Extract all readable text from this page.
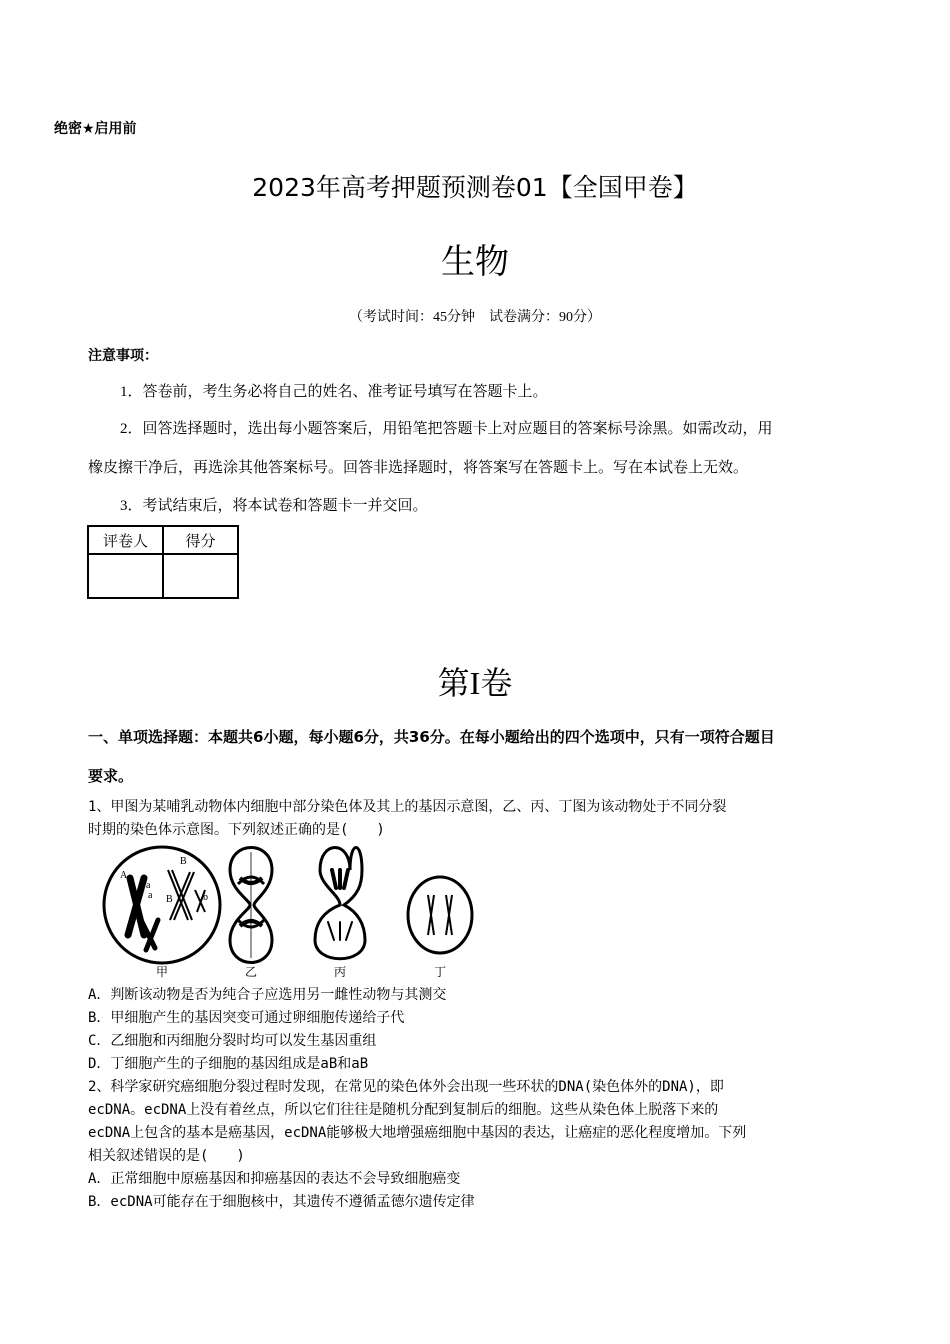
绝密★启用前
2023年高考押题预测卷01【全国甲卷】
生物
（考试时间：45分钟　试卷满分：90分）
注意事项：
1．答卷前，考生务必将自己的姓名、准考证号填写在答题卡上。
2．回答选择题时，选出每小题答案后，用铅笔把答题卡上对应题目的答案标号涂黑。如需改动，用
橡皮擦干净后，再选涂其他答案标号。回答非选择题时，将答案写在答题卡上。写在本试卷上无效。
3．考试结束后，将本试卷和答题卡一并交回。
评卷人	得分

第I卷
一、单项选择题：本题共6小题，每小题6分，共36分。在每小题给出的四个选项中，只有一项符合题目
要求。
1、甲图为某哺乳动物体内细胞中部分染色体及其上的基因示意图，乙、丙、丁图为该动物处于不同分裂
时期的染色体示意图。下列叙述正确的是(　　)
A
a
a
B
B	b
b
甲	乙	丙	丁
A．判断该动物是否为纯合子应选用另一雌性动物与其测交
B．甲细胞产生的基因突变可通过卵细胞传递给子代
C．乙细胞和丙细胞分裂时均可以发生基因重组
D．丁细胞产生的子细胞的基因组成是aB和aB
2、科学家研究癌细胞分裂过程时发现，在常见的染色体外会出现一些环状的DNA(染色体外的DNA)，即
ecDNA。ecDNA上没有着丝点，所以它们往往是随机分配到复制后的细胞。这些从染色体上脱落下来的
ecDNA上包含的基本是癌基因，ecDNA能够极大地增强癌细胞中基因的表达，让癌症的恶化程度增加。下列
相关叙述错误的是(　　)
A．正常细胞中原癌基因和抑癌基因的表达不会导致细胞癌变
B．ecDNA可能存在于细胞核中，其遗传不遵循孟德尔遗传定律
